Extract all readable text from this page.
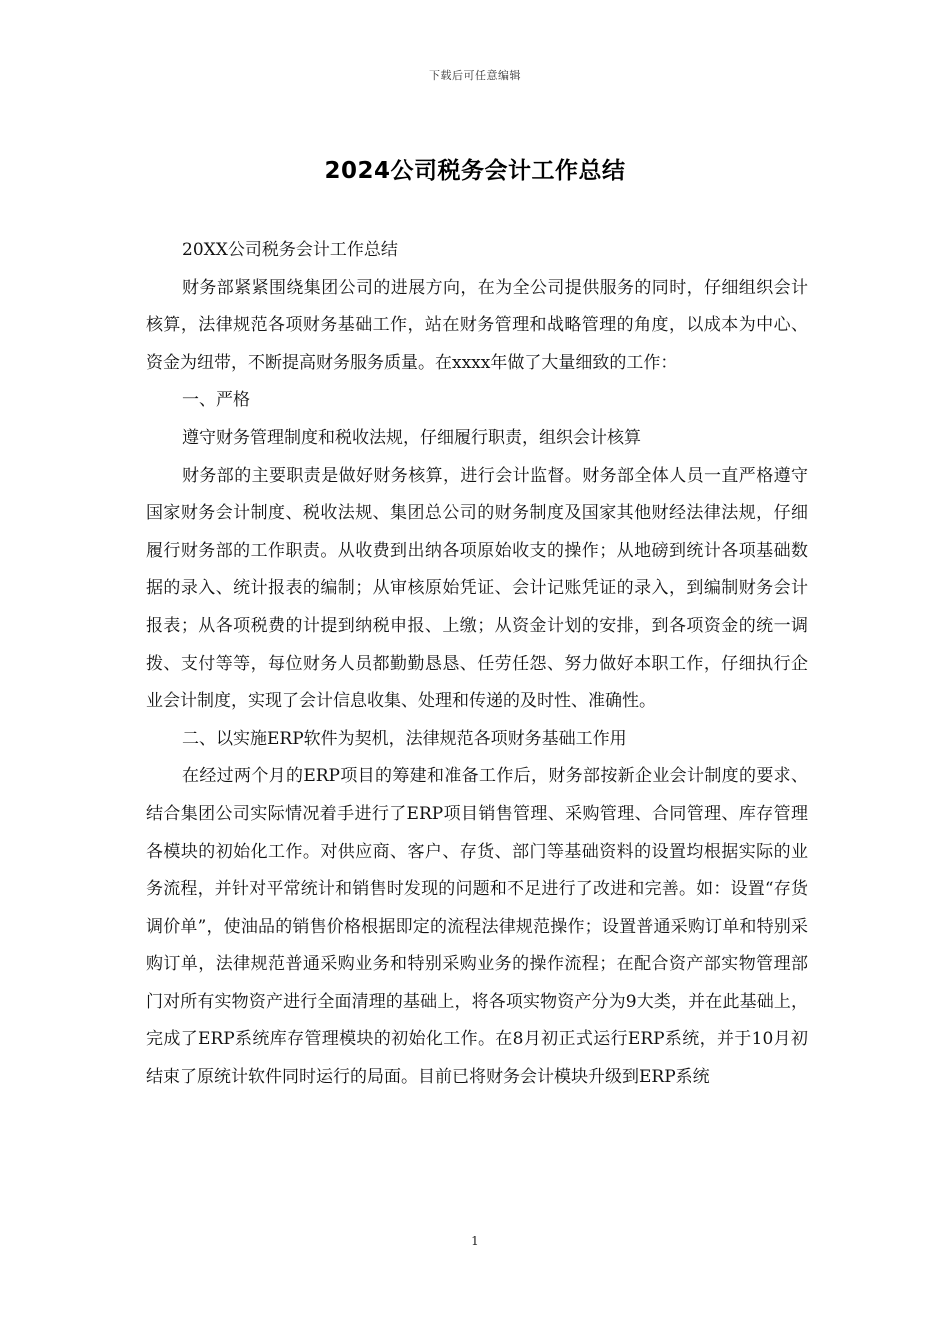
下载后可任意编辑
2024公司税务会计工作总结

20XX公司税务会计工作总结

财务部紧紧围绕集团公司的进展方向，在为全公司提供服务的同时，仔细组织会计核算，法律规范各项财务基础工作，站在财务管理和战略管理的角度，以成本为中心、资金为纽带，不断提高财务服务质量。在xxxx年做了大量细致的工作：

一、严格

遵守财务管理制度和税收法规，仔细履行职责，组织会计核算

财务部的主要职责是做好财务核算，进行会计监督。财务部全体人员一直严格遵守国家财务会计制度、税收法规、集团总公司的财务制度及国家其他财经法律法规，仔细履行财务部的工作职责。从收费到出纳各项原始收支的操作；从地磅到统计各项基础数据的录入、统计报表的编制；从审核原始凭证、会计记账凭证的录入，到编制财务会计报表；从各项税费的计提到纳税申报、上缴；从资金计划的安排，到各项资金的统一调拨、支付等等，每位财务人员都勤勤恳恳、任劳任怨、努力做好本职工作，仔细执行企业会计制度，实现了会计信息收集、处理和传递的及时性、准确性。

二、以实施ERP软件为契机，法律规范各项财务基础工作用

在经过两个月的ERP项目的筹建和准备工作后，财务部按新企业会计制度的要求、结合集团公司实际情况着手进行了ERP项目销售管理、采购管理、合同管理、库存管理各模块的初始化工作。对供应商、客户、存货、部门等基础资料的设置均根据实际的业务流程，并针对平常统计和销售时发现的问题和不足进行了改进和完善。如：设置“存货调价单”，使油品的销售价格根据即定的流程法律规范操作；设置普通采购订单和特别采购订单，法律规范普通采购业务和特别采购业务的操作流程；在配合资产部实物管理部门对所有实物资产进行全面清理的基础上，将各项实物资产分为9大类，并在此基础上，完成了ERP系统库存管理模块的初始化工作。在8月初正式运行ERP系统，并于10月初结束了原统计软件同时运行的局面。目前已将财务会计模块升级到ERP系统

1
